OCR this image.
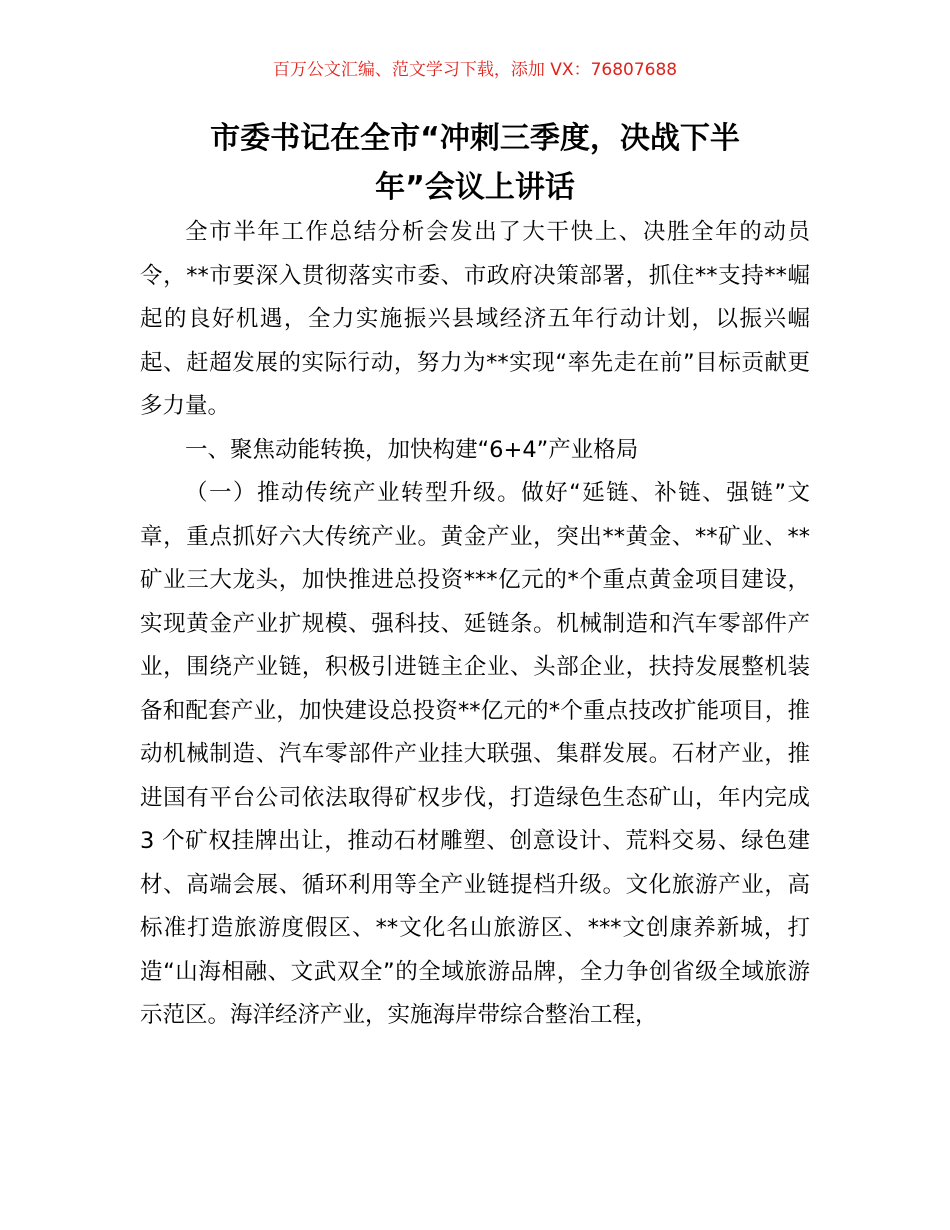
百万公文汇编、范文学习下载，添加 VX：76807688
市委书记在全市“冲刺三季度，决战下半
年”会议上讲话

全市半年工作总结分析会发出了大干快上、决胜全年的动员令，**市要深入贯彻落实市委、市政府决策部署，抓住**支持**崛起的良好机遇，全力实施振兴县域经济五年行动计划，以振兴崛起、赶超发展的实际行动，努力为**实现“率先走在前”目标贡献更多力量。

一、聚焦动能转换，加快构建“6+4”产业格局

（一）推动传统产业转型升级。做好“延链、补链、强链”文章，重点抓好六大传统产业。黄金产业，突出**黄金、**矿业、**矿业三大龙头，加快推进总投资***亿元的*个重点黄金项目建设，实现黄金产业扩规模、强科技、延链条。机械制造和汽车零部件产业，围绕产业链，积极引进链主企业、头部企业，扶持发展整机装备和配套产业，加快建设总投资**亿元的*个重点技改扩能项目，推动机械制造、汽车零部件产业挂大联强、集群发展。石材产业，推进国有平台公司依法取得矿权步伐，打造绿色生态矿山，年内完成 3 个矿权挂牌出让，推动石材雕塑、创意设计、荒料交易、绿色建材、高端会展、循环利用等全产业链提档升级。文化旅游产业，高标准打造旅游度假区、**文化名山旅游区、***文创康养新城，打造“山海相融、文武双全”的全域旅游品牌，全力争创省级全域旅游示范区。海洋经济产业，实施海岸带综合整治工程，
